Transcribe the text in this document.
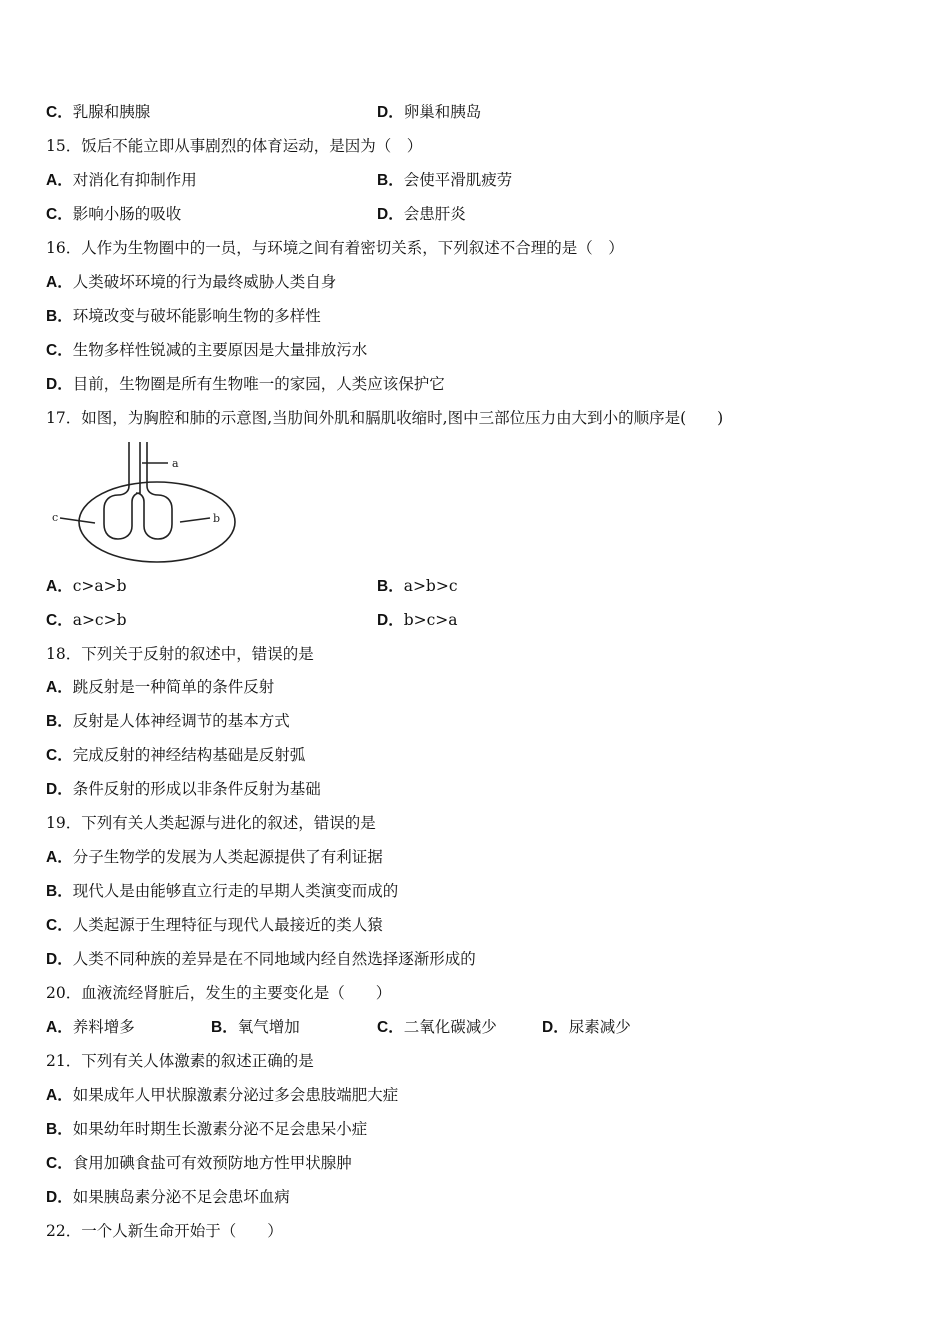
C．乳腺和胰腺	D．卵巢和胰岛
15．饭后不能立即从事剧烈的体育运动，是因为（　）
A．对消化有抑制作用	B．会使平滑肌疲劳
C．影响小肠的吸收	D．会患肝炎
16．人作为生物圈中的一员，与环境之间有着密切关系，下列叙述不合理的是（　）
A．人类破坏环境的行为最终威胁人类自身
B．环境改变与破坏能影响生物的多样性
C．生物多样性锐减的主要原因是大量排放污水
D．目前，生物圈是所有生物唯一的家园，人类应该保护它
17．如图，为胸腔和肺的示意图,当肋间外肌和膈肌收缩时,图中三部位压力由大到小的顺序是(　　)
a
c	b
A．c>a>b	B．a>b>c
C．a>c>b	D．b>c>a
18．下列关于反射的叙述中，错误的是
A．跳反射是一种简单的条件反射
B．反射是人体神经调节的基本方式
C．完成反射的神经结构基础是反射弧
D．条件反射的形成以非条件反射为基础
19．下列有关人类起源与进化的叙述，错误的是
A．分子生物学的发展为人类起源提供了有利证据
B．现代人是由能够直立行走的早期人类演变而成的
C．人类起源于生理特征与现代人最接近的类人猿
D．人类不同种族的差异是在不同地域内经自然选择逐渐形成的
20．血液流经肾脏后，发生的主要变化是（　　）
A．养料增多	B．氧气增加	C．二氧化碳减少	D．尿素减少
21．下列有关人体激素的叙述正确的是
A．如果成年人甲状腺激素分泌过多会患肢端肥大症
B．如果幼年时期生长激素分泌不足会患呆小症
C．食用加碘食盐可有效预防地方性甲状腺肿
D．如果胰岛素分泌不足会患坏血病
22．一个人新生命开始于（　　）
